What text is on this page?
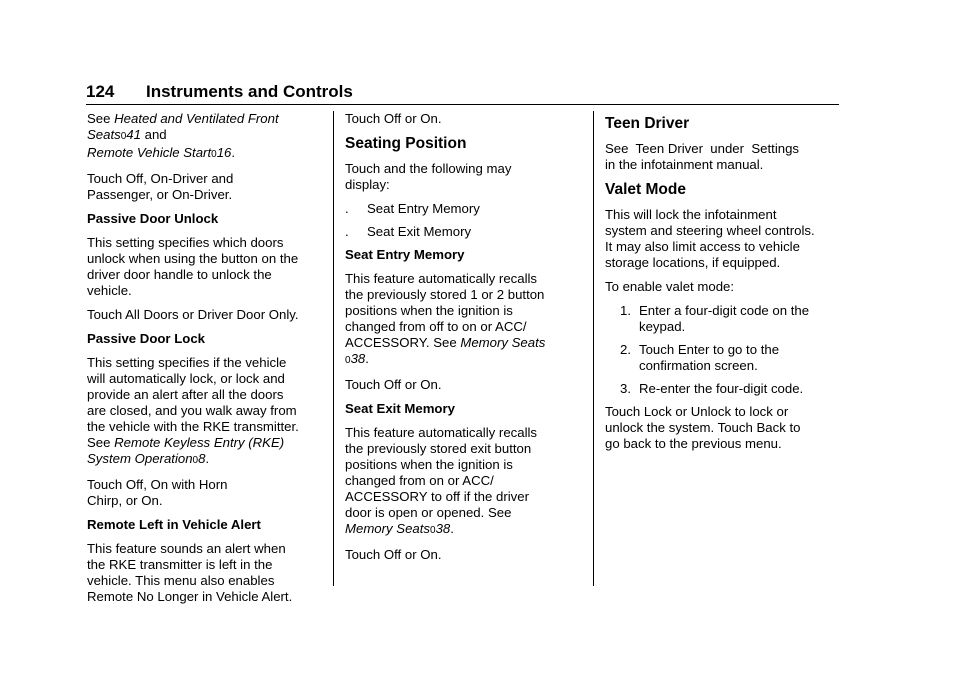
124 Instruments and Controls

See Heated and Ventilated Front
Seats041 and
Remote Vehicle Start016.

Touch Off, On-Driver and
Passenger, or On-Driver.

Passive Door Unlock

This setting specifies which doors
unlock when using the button on the
driver door handle to unlock the
vehicle.

Touch All Doors or Driver Door Only.

Passive Door Lock

This setting specifies if the vehicle
will automatically lock, or lock and
provide an alert after all the doors
are closed, and you walk away from
the vehicle with the RKE transmitter.
See Remote Keyless Entry (RKE)
System Operation08.

Touch Off, On with Horn
Chirp, or On.

Remote Left in Vehicle Alert

This feature sounds an alert when
the RKE transmitter is left in the
vehicle. This menu also enables
Remote No Longer in Vehicle Alert.

Touch Off or On.

Seating Position

Touch and the following may
display:

.	Seat Entry Memory
.	Seat Exit Memory
Seat Entry Memory

This feature automatically recalls
the previously stored 1 or 2 button
positions when the ignition is
changed from off to on or ACC/
ACCESSORY. See Memory Seats
038.

Touch Off or On.

Seat Exit Memory

This feature automatically recalls
the previously stored exit button
positions when the ignition is
changed from on or ACC/
ACCESSORY to off if the driver
door is open or opened. See
Memory Seats038.

Touch Off or On.

Teen Driver

See  Teen Driver  under  Settings
in the infotainment manual.

Valet Mode

This will lock the infotainment
system and steering wheel controls.
It may also limit access to vehicle
storage locations, if equipped.

To enable valet mode:

1. Enter a four-digit code on the
keypad.
2. Touch Enter to go to the
confirmation screen.
3. Re-enter the four-digit code.

Touch Lock or Unlock to lock or
unlock the system. Touch Back to
go back to the previous menu.
